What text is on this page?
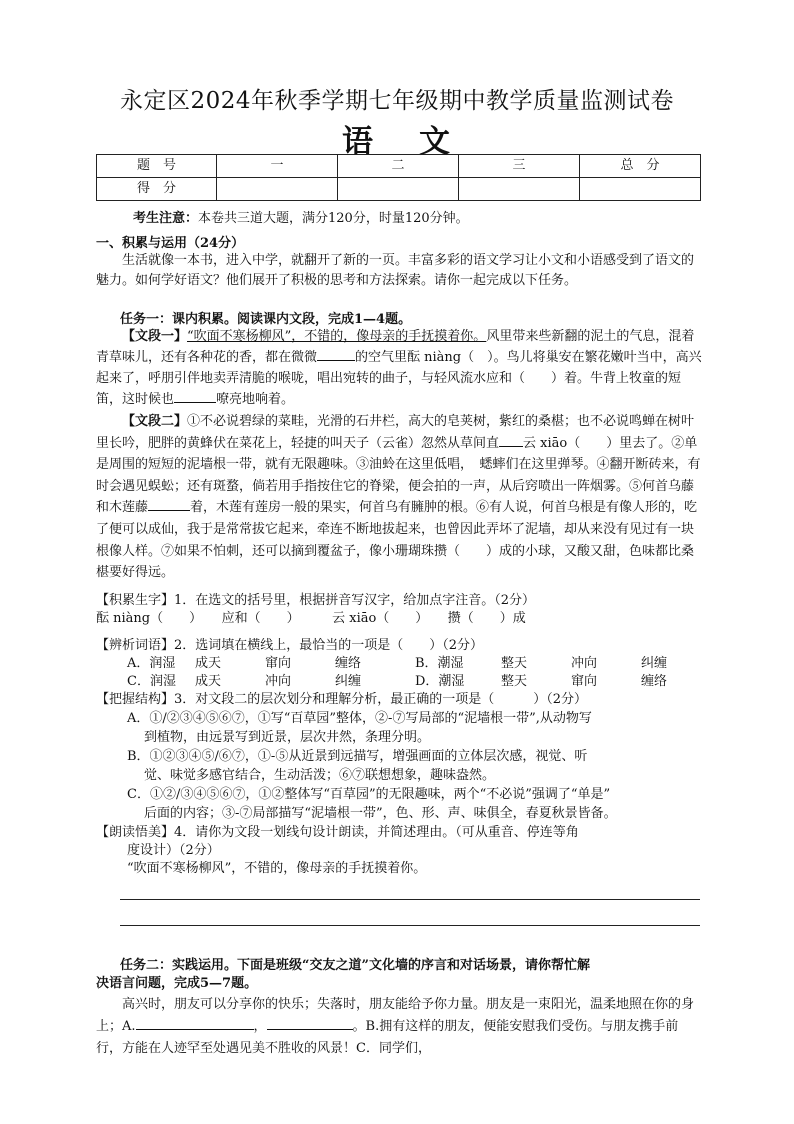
永定区2024年秋季学期七年级期中教学质量监测试卷
语 文
题　号	一	二	三	总　分
得　分				
考生注意：本卷共三道大题，满分120分，时量120分钟。
一、积累与运用（24分）
生活就像一本书，进入中学，就翻开了新的一页。丰富多彩的语文学习让小文和小语感受到了语文的魅力。如何学好语文？他们展开了积极的思考和方法探索。请你一起完成以下任务。
任务一：课内积累。阅读课内文段，完成1—4题。
【文段一】“吹面不寒杨柳风”，不错的，像母亲的手抚摸着你。风里带来些新翻的泥土的气息，混着青草味儿，还有各种花的香，都在微微	的空气里酝 niàng（　）。鸟儿将巢安在繁花嫩叶当中，高兴起来了，呼朋引伴地卖弄清脆的喉咙，唱出宛转的曲子，与轻风流水应和（　　）着。牛背上牧童的短笛，这时候也	嘹亮地响着。
【文段二】①不必说碧绿的菜畦，光滑的石井栏，高大的皂荚树，紫红的桑椹；也不必说鸣蝉在树叶里长吟，肥胖的黄蜂伏在菜花上，轻捷的叫天子（云雀）忽然从草间直 云 xiāo（　　）里去了。②单是周围的短短的泥墙根一带，就有无限趣味。③油蛉在这里低唱，　蟋蟀们在这里弹琴。④翻开断砖来，有时会遇见蜈蚣；还有斑蝥，倘若用手指按住它的脊梁，便会拍的一声，从后窍喷出一阵烟雾。⑤何首乌藤和木莲藤	着，木莲有莲房一般的果实，何首乌有臃肿的根。⑥有人说，何首乌根是有像人形的，吃了便可以成仙，我于是常常拔它起来，牵连不断地拔起来，也曾因此弄坏了泥墙，却从来没有见过有一块根像人样。⑦如果不怕刺，还可以摘到覆盆子，像小珊瑚珠攒（　　）成的小球，又酸又甜，色味都比桑椹要好得远。
【积累生字】1．在选文的括号里，根据拼音写汉字，给加点字注音。（2分）
酝 niàng（　　）　　应和（　　）　　　云 xiāo（　　）　　攒（　　）成
【辨析词语】2．选词填在横线上，最恰当的一项是（　　）（2分）
A．润湿	成天	窜向	缠络	B．潮湿	整天	冲向	纠缠
C．润湿	成天	冲向	纠缠	D．潮湿	整天	窜向	缠络
【把握结构】3．对文段二的层次划分和理解分析，最正确的一项是（　　　）（2分）
A．①/②③④⑤⑥⑦，①写“百草园”整体，②-⑦写局部的“泥墙根一带”,从动物写
到植物，由远景写到近景，层次井然，条理分明。
B．①②③④⑤/⑥⑦，①-⑤从近景到远描写，增强画面的立体层次感，视觉、听
觉、味觉多感官结合，生动活泼；⑥⑦联想想象，趣味盎然。
C．①②/③④⑤⑥⑦，①②整体写“百草园”的无限趣味，两个“不必说”强调了“单是”
后面的内容；③-⑦局部描写“泥墙根一带”，色、形、声、味俱全，春夏秋景皆备。
【朗读悟美】4．请你为文段一划线句设计朗读，并简述理由。（可从重音、停连等角
度设计）（2分）
“吹面不寒杨柳风”，不错的，像母亲的手抚摸着你。
任务二：实践运用。下面是班级“交友之道”文化墙的序言和对话场景，请你帮忙解
决语言问题，完成5—7题。
高兴时，朋友可以分享你的快乐；失落时，朋友能给予你力量。朋友是一束阳光，温柔地照在你的身上；A.	，	。B.拥有这样的朋友，便能安慰我们受伤。与朋友携手前行，方能在人迹罕至处遇见美不胜收的风景！C．同学们，
